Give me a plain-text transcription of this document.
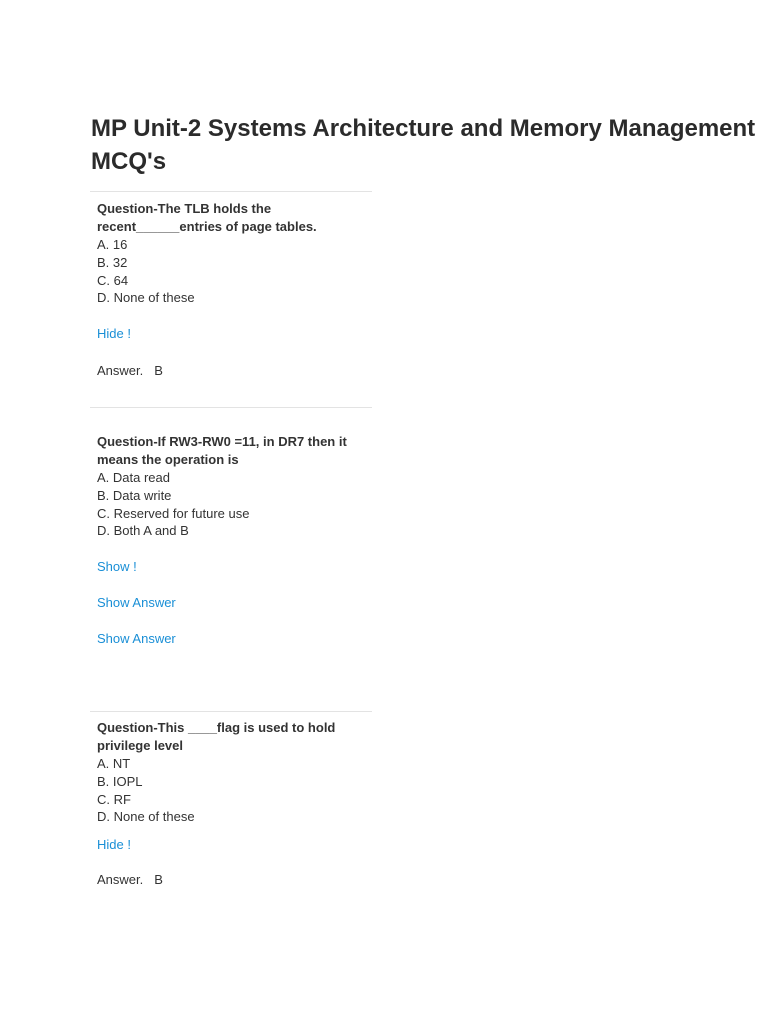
MP Unit-2 Systems Architecture and Memory Management MCQ's

Question-The TLB holds the
recent______entries of page tables.

A. 16
B. 32
C. 64
D. None of these
Hide !
Answer. B

Question-If RW3-RW0 =11, in DR7 then it
means the operation is

A. Data read
B. Data write
C. Reserved for future use
D. Both A and B
Show !
Show Answer
Show Answer

Question-This ____flag is used to hold
privilege level

A. NT
B. IOPL
C. RF
D. None of these
Hide !
Answer. B
